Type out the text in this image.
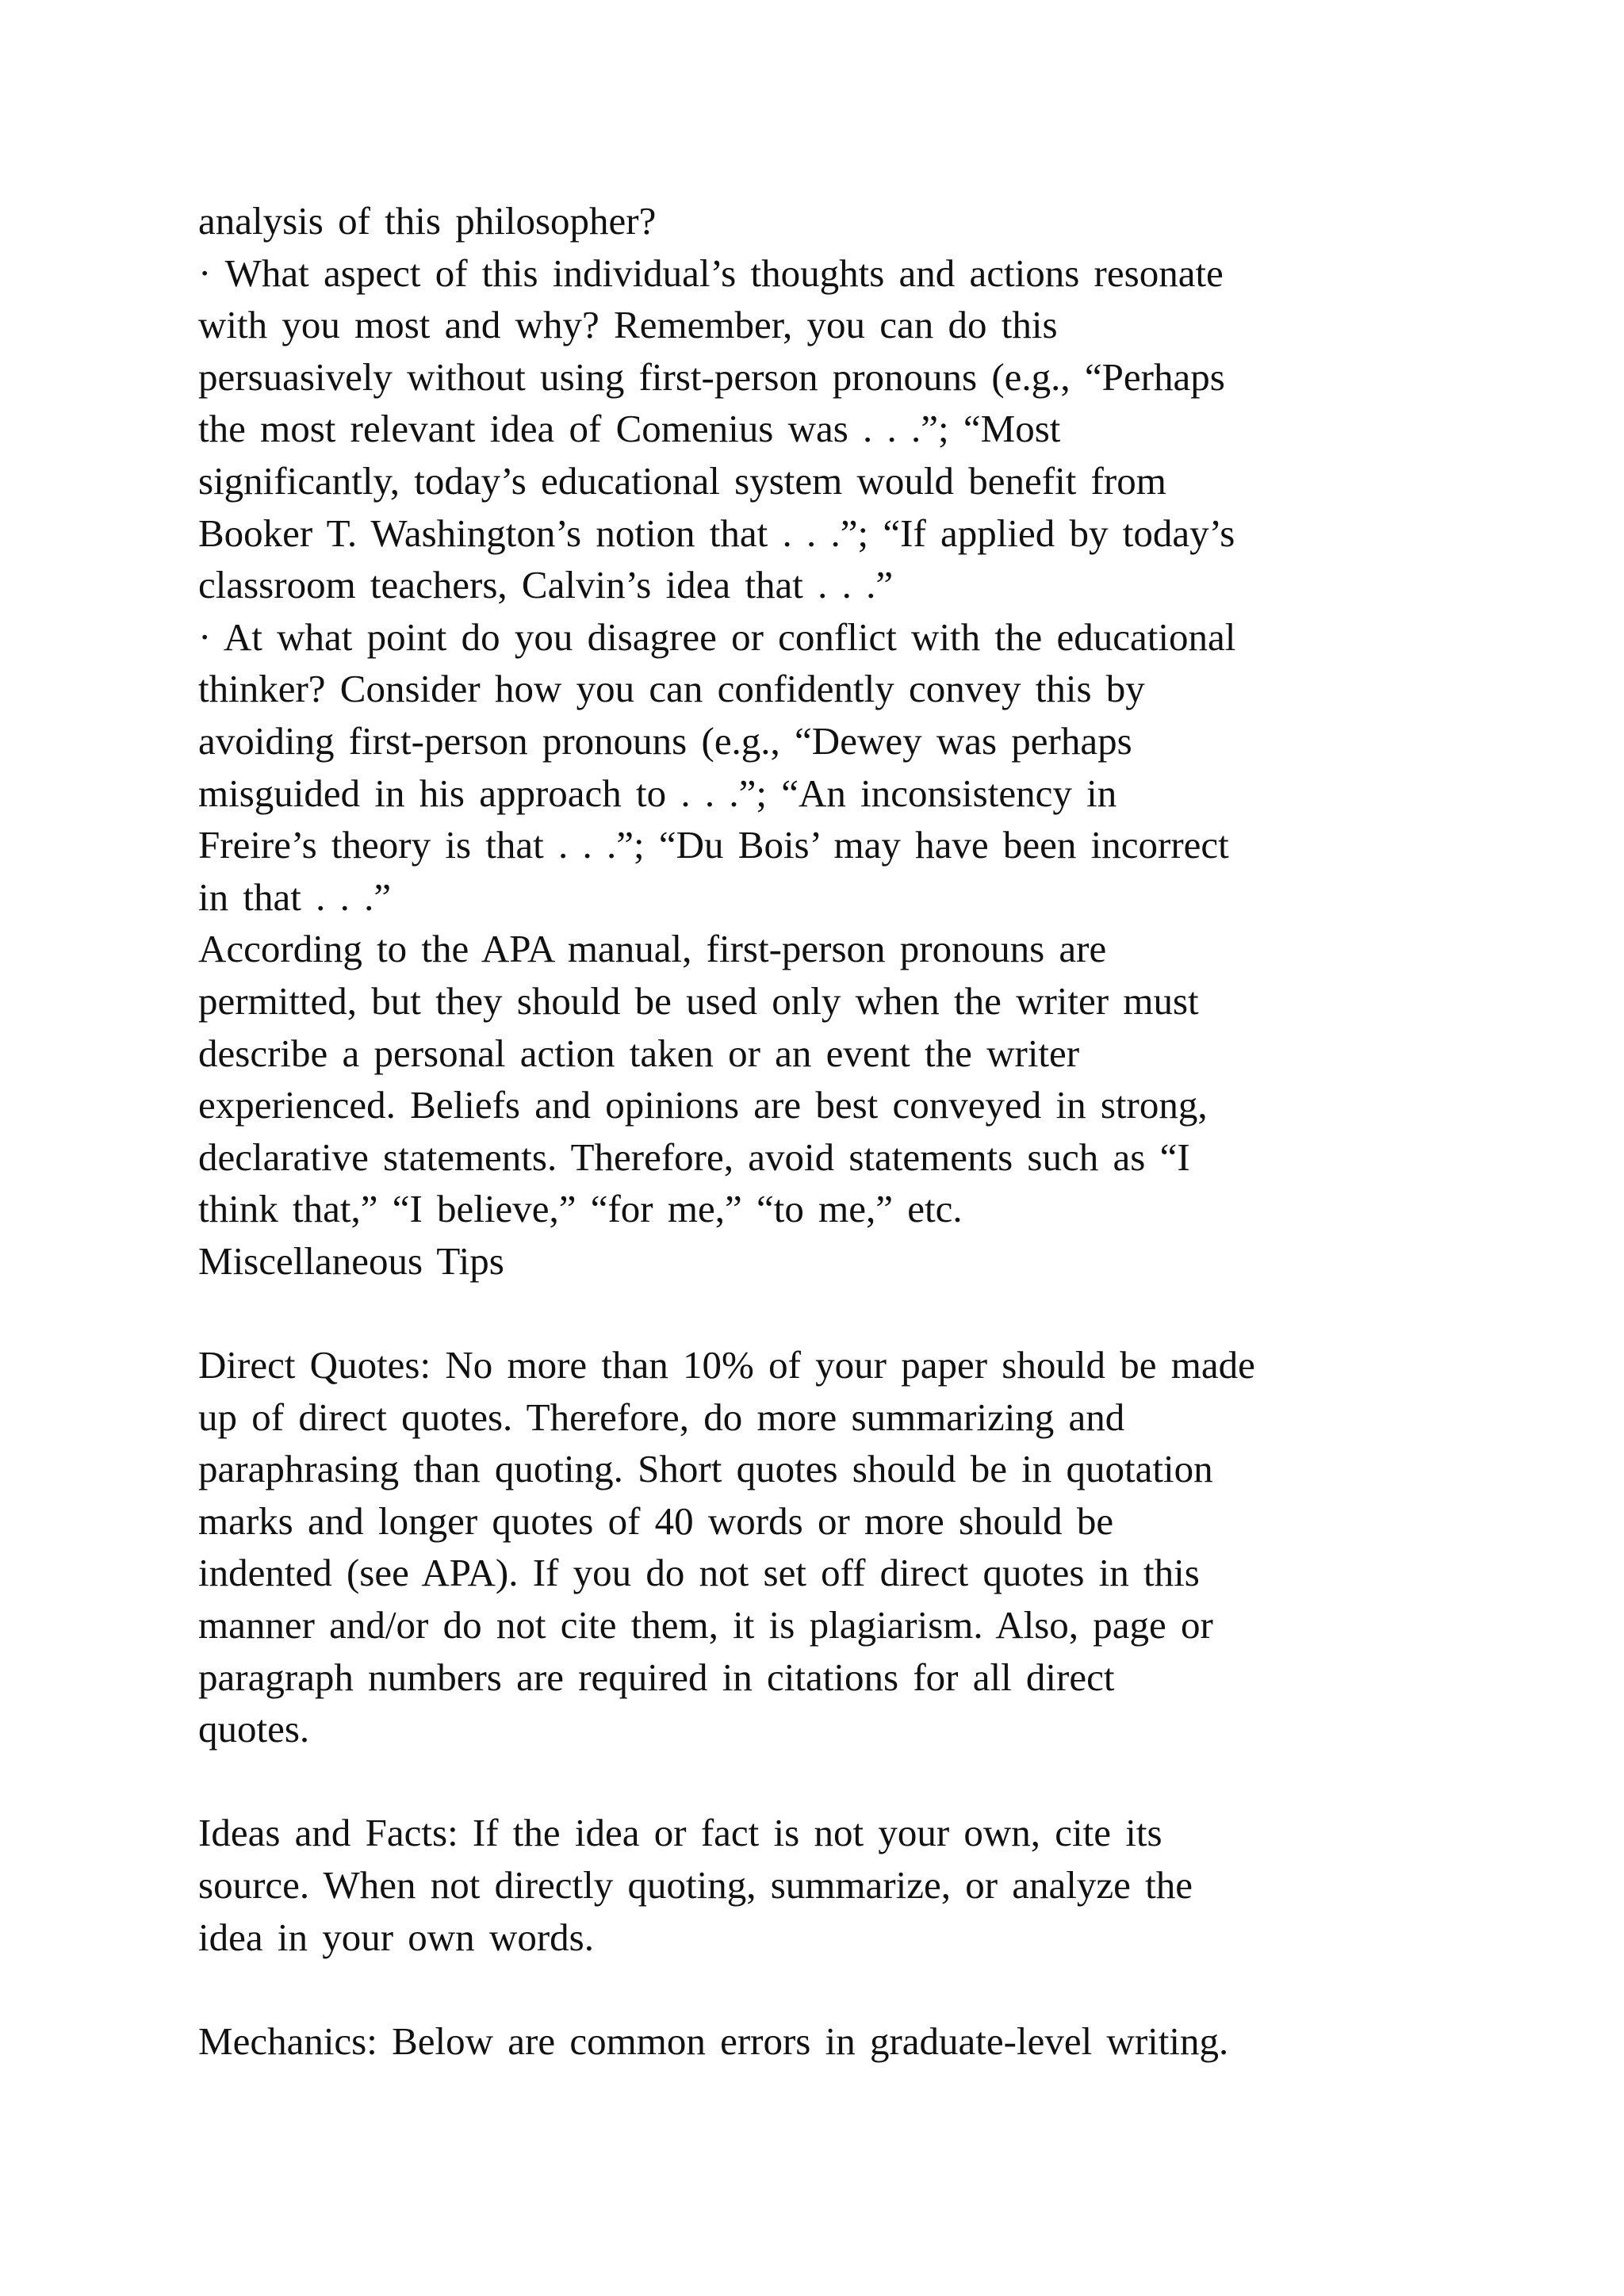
analysis of this philosopher?
· What aspect of this individual’s thoughts and actions resonate
with you most and why? Remember, you can do this
persuasively without using first-person pronouns (e.g., “Perhaps
the most relevant idea of Comenius was . . .”; “Most
significantly, today’s educational system would benefit from
Booker T. Washington’s notion that . . .”; “If applied by today’s
classroom teachers, Calvin’s idea that . . .”
· At what point do you disagree or conflict with the educational
thinker? Consider how you can confidently convey this by
avoiding first-person pronouns (e.g., “Dewey was perhaps
misguided in his approach to . . .”; “An inconsistency in
Freire’s theory is that . . .”; “Du Bois’ may have been incorrect
in that . . .”
According to the APA manual, first-person pronouns are
permitted, but they should be used only when the writer must
describe a personal action taken or an event the writer
experienced. Beliefs and opinions are best conveyed in strong,
declarative statements. Therefore, avoid statements such as “I
think that,” “I believe,” “for me,” “to me,” etc.
Miscellaneous Tips
Direct Quotes: No more than 10% of your paper should be made
up of direct quotes. Therefore, do more summarizing and
paraphrasing than quoting. Short quotes should be in quotation
marks and longer quotes of 40 words or more should be
indented (see APA). If you do not set off direct quotes in this
manner and/or do not cite them, it is plagiarism. Also, page or
paragraph numbers are required in citations for all direct
quotes.
Ideas and Facts: If the idea or fact is not your own, cite its
source. When not directly quoting, summarize, or analyze the
idea in your own words.
Mechanics: Below are common errors in graduate-level writing.
